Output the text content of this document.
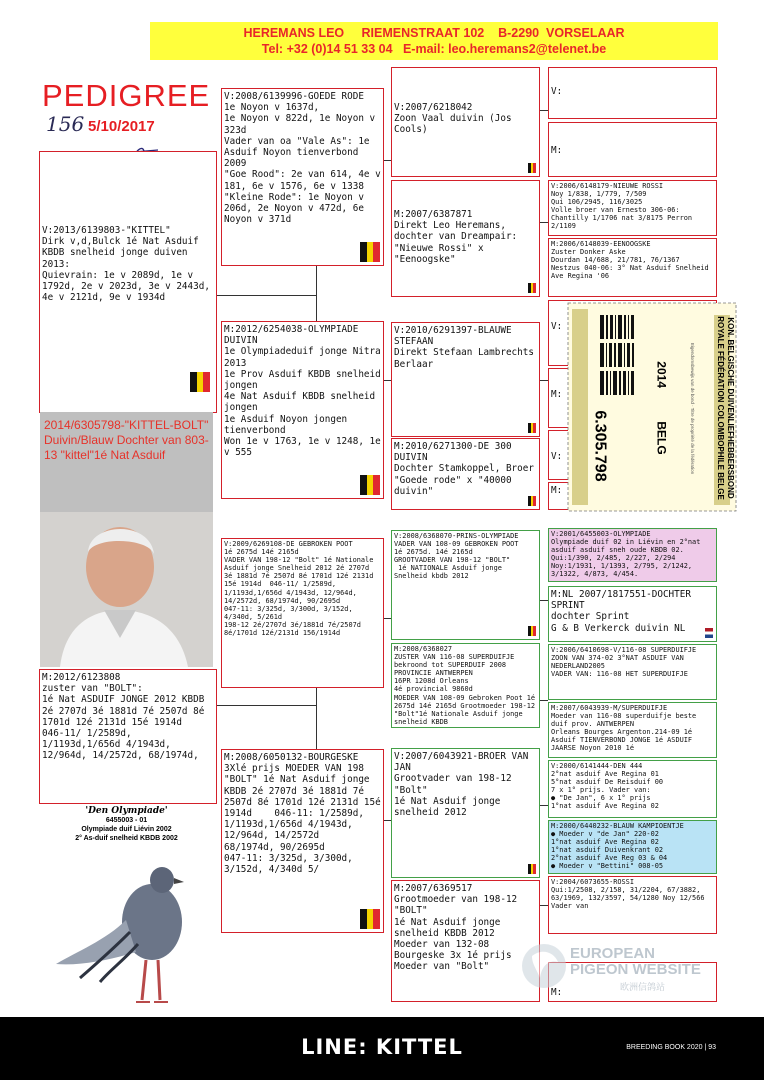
HEREMANS LEO     RIEMENSTRAAT 102    B-2290  VORSELAAR
Tel: +32 (0)14 51 33 04   E-mail: leo.heremans2@telenet.be
PEDIGREE
156 5/10/2017
V:2013/6139803-"KITTEL"
Dirk v,d,Bulck 1é Nat Asduif KBDB snelheid jonge duiven 2013:
Quievrain: 1e v 2089d, 1e v 1792d, 2e v 2023d, 3e v 2443d, 4e v 2121d, 9e v 1934d
2014/6305798-"KITTEL-BOLT" Duivin/Blauw Dochter van 803-13 "kittel"1é Nat Asduif
M:2012/6123808
zuster van "BOLT":
1é Nat ASDUIF JONGE 2012 KBDB
2é 2707d 3é 1881d 7é 2507d 8é 1701d 12é 2131d 15é 1914d  046-11/ 1/2589d, 1/1193d,1/656d 4/1943d, 12/964d, 14/2572d, 68/1974d,
'Den Olympiade'
6455003 - 01
Olympiade duif Liévin 2002
2° As-duif snelheid KBDB 2002
V:2008/6139996-GOEDE RODE
1e Noyon v 1637d,
1e Noyon v 822d, 1e Noyon v 323d
Vader van oa "Vale As": 1e Asduif Noyon tienverbond 2009
"Goe Rood": 2e van 614, 4e v 181, 6e v 1576, 6e v 1338
"Kleine Rode": 1e Noyon v 206d, 2e Noyon v 472d, 6e Noyon v 371d
M:2012/6254038-OLYMPIADE DUIVIN
1e Olympiadeduif jonge Nitra 2013
1e Prov Asduif KBDB snelheid jongen
4e Nat Asduif KBDB snelheid jongen
1e Asduif Noyon jongen tienverbond
Won 1e v 1763, 1e v 1248, 1e v 555
V:2009/6269108-DE GEBROKEN POOT
1é 2675d 14é 2165d
VADER VAN 198-12 "Bolt" 1é Nationale Asduif jonge Snelheid 2012 2é 2707d 3é 1881d 7é 2507d 8é 1701d 12é 2131d 15é 1914d  046-11/ 1/2589d, 1/1193d,1/656d 4/1943d, 12/964d, 14/2572d, 68/1974d, 90/2695d
047-11: 3/325d, 3/300d, 3/152d, 4/340d, 5/261d
198-12 2é/2707d 3é/1881d 7é/2507d 8é/1701d 12é/2131d 156/1914d
M:2008/6050132-BOURGESKE
3Xlé prijs MOEDER VAN 198 "BOLT" 1é Nat Asduif jonge KBDB 2é 2707d 3é 1881d 7é 2507d 8é 1701d 12é 2131d 15é 1914d    046-11: 1/2589d, 1/1193d,1/656d 4/1943d, 12/964d, 14/2572d
68/1974d, 90/2695d
047-11: 3/325d, 3/300d, 3/152d, 4/340d 5/
V:2007/6218042
Zoon Vaal duivin (Jos Cools)
M:2007/6387871
Direkt Leo Heremans, dochter van Dreampair: "Nieuwe Rossi" x "Eenoogske"
V:2010/6291397-BLAUWE STEFAAN
Direkt Stefaan Lambrechts Berlaar
M:2010/6271300-DE 300 DUIVIN
Dochter Stamkoppel, Broer "Goede rode" x "40000 duivin"
V:2008/6368070-PRINS-OLYMPIADE
VADER VAN 108-09 GEBROKEN POOT
1é 2675d. 14é 2165d
GROOTVADER VAN 198-12 "BOLT"
1é NATIONALE Asduif jonge Snelheid kbdb 2012
M:2008/6368027
ZUSTER VAN 116-08 SUPERDUIFJE bekroond tot SUPERDUIF 2008 PROVINCIE ANTWERPEN
16PR 1208d Orleans
4é provincial 9860d
MOEDER VAN 108-09 Gebroken Poot 1é 2675d 14é 2165d Grootmoeder 198-12 "Bolt"1é Nationale Asduif jonge snelheid KBDB
V:2007/6043921-BROER VAN JAN
Grootvader van 198-12 "Bolt"
1é Nat Asduif jonge snelheid 2012
M:2007/6369517
Grootmoeder van 198-12 "BOLT"
1é Nat Asduif jonge snelheid KBDB 2012
Moeder van 132-08 Bourgeske 3x 1é prijs
Moeder van "Bolt"
V:
M:
V:2006/6148179-NIEUWE ROSSI
Noy 1/838, 1/779, 7/509
Qui 106/2945, 116/3025
Volle broer van Ernesto 306-06: Chantilly 1/1706 nat 3/8175 Perron 2/1109
M:2006/6148039-EENOOGSKE
Zuster Donker Aske
Dourdan 14/688, 21/781, 76/1367
Nestzus 040-06: 3° Nat Asduif Snelheid Ave Regina '06
V:
M:
V:
M:	KON. BELGISCHE DUIVENLIEFHEBBERSBOND
ROYALE FÉDÉRATION COLOMBOPHILE BELGE
Eigendomsbewijs van de bond · Titre de propriété de la fédération
2014 BELG
6.305.798
V:2001/6455003-OLYMPIADE
Olympiade duif 02 in Liévin en 2°nat asduif asduif sneh oude KBDB 02.
Qui:1/390, 2/485, 2/227, 2/294
Noy:1/1931, 1/1393, 2/795, 2/1242, 3/1322, 4/873, 4/454.
M:NL 2007/1817551-DOCHTER SPRINT
dochter Sprint
G & B Verkerck duivin NL
V:2006/6410698-V/116-08 SUPERDUIFJE
ZOON VAN 374-02 3°NAT ASDUIF VAN NEDERLAND2005
VADER VAN: 116-08 HET SUPERDUIFJE
M:2007/6043939-M/SUPERDUIFJE
Moeder van 116-08 superduifje beste duif prov. ANTWERPEN
Orleans Bourges Argenton.214-09 1é Asduif TIENVERBOND JONGE 1é ASDUIF JAARSE Noyon 2010 1é
V:2000/6141444-DEN 444
2°nat asduif Ave Regina 01
5°nat asduif De Reisduif 00
7 x 1° prijs. Vader van:
● "De Jan", 6 x 1° prijs
1°nat asduif Ave Regina 02
M:2000/6440232-BLAUW KAMPIOENTJE
● Moeder v "de Jan" 220-02
1°nat asduif Ave Regina 02
1°nat asduif Duivenkrant 02
2°nat asduif Ave Reg 03 & 04
● Moeder v "Bettini" 008-05
V:2004/6073655-ROSSI
Qui:1/2508, 2/158, 31/2204, 67/3882, 63/1969, 132/3597, 54/1280 Noy 12/566
Vader van
M:
EUROPEAN
PIGEON WEBSITE
欧洲信鸽站
LINE: KITTEL	BREEDING BOOK 2020 | 93
